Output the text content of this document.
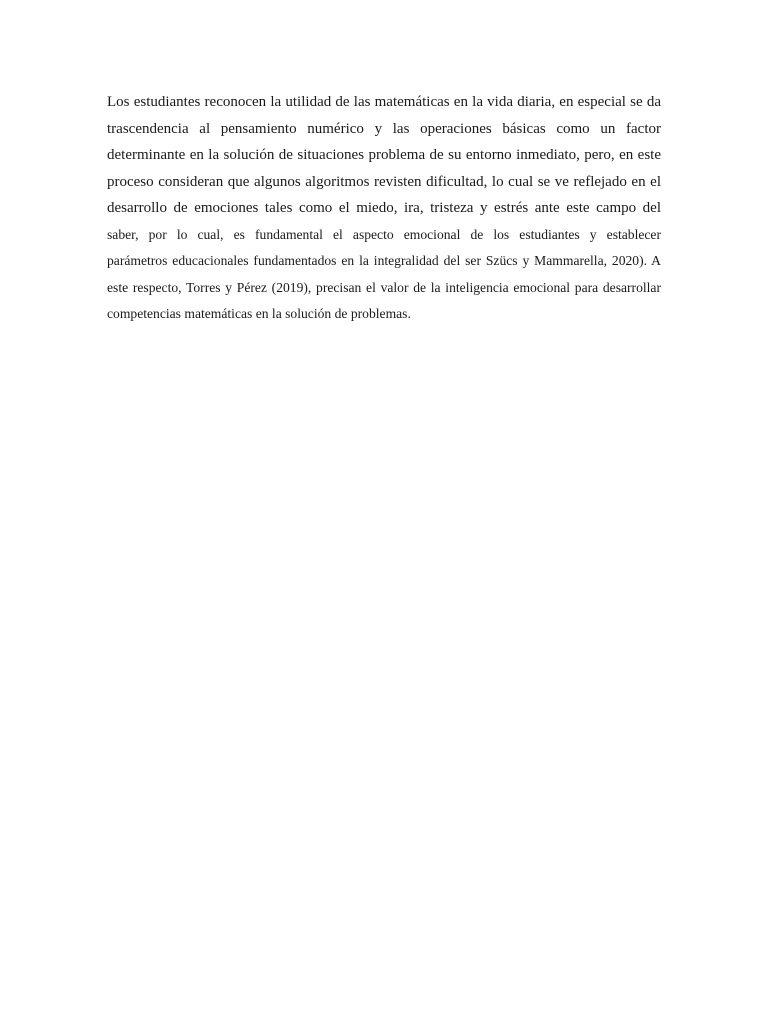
Los estudiantes reconocen la utilidad de las matemáticas en la vida diaria, en especial se da
trascendencia al pensamiento numérico y las operaciones básicas como un factor
determinante en la solución de situaciones problema de su entorno inmediato, pero, en este
proceso consideran que algunos algoritmos revisten dificultad, lo cual se ve reflejado en el
desarrollo de emociones tales como el miedo, ira, tristeza y estrés ante este campo del
saber, por lo cual, es fundamental el aspecto emocional de los estudiantes y establecer
parámetros educacionales fundamentados en la integralidad del ser Szücs y Mammarella, 2020). A
este respecto, Torres y Pérez (2019), precisan el valor de la inteligencia emocional para desarrollar
competencias matemáticas en la solución de problemas.
